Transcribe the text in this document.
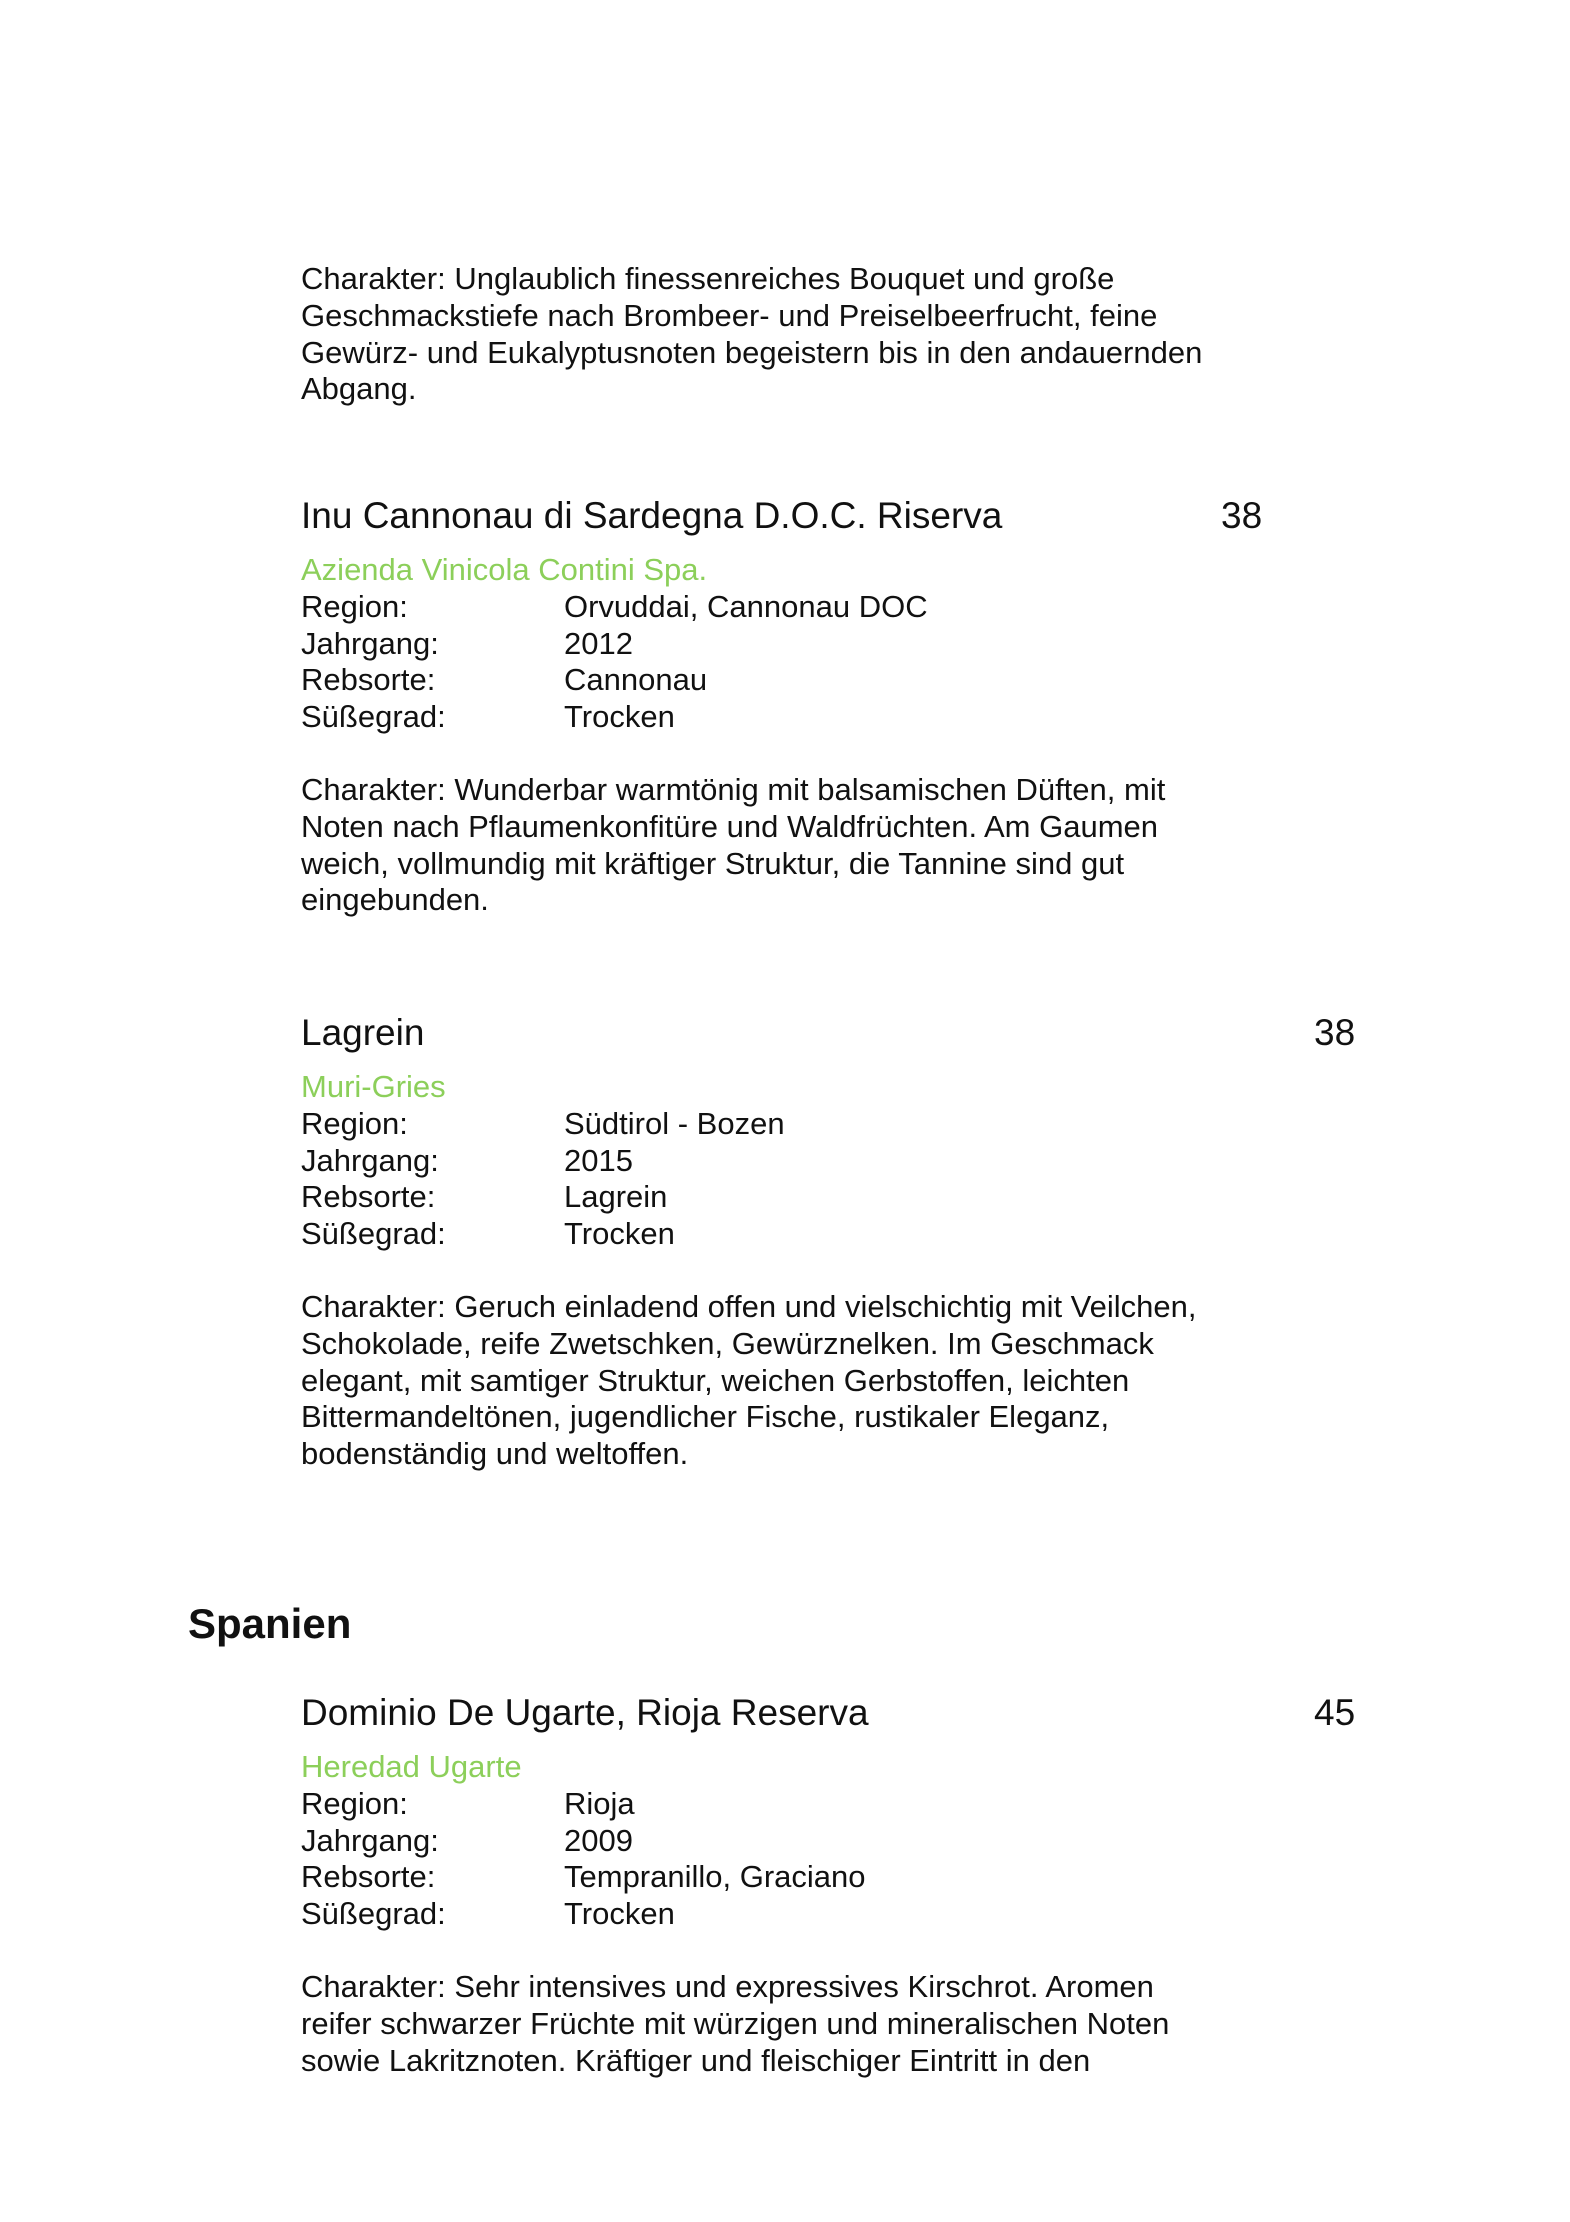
Charakter: Unglaublich finessenreiches Bouquet und große
Geschmackstiefe nach Brombeer- und Preiselbeerfrucht, feine
Gewürz- und Eukalyptusnoten begeistern bis in den andauernden
Abgang.
Inu Cannonau di Sardegna D.O.C. Riserva	38
Azienda Vinicola Contini Spa.
Region:	Orvuddai, Cannonau DOC
Jahrgang:	2012
Rebsorte:	Cannonau
Süßegrad:	Trocken
Charakter: Wunderbar warmtönig mit balsamischen Düften, mit
Noten nach Pflaumenkonfitüre und Waldfrüchten. Am Gaumen
weich, vollmundig mit kräftiger Struktur, die Tannine sind gut
eingebunden.
Lagrein	38
Muri-Gries
Region:	Südtirol - Bozen
Jahrgang:	2015
Rebsorte:	Lagrein
Süßegrad:	Trocken
Charakter: Geruch einladend offen und vielschichtig mit Veilchen,
Schokolade, reife Zwetschken, Gewürznelken. Im Geschmack
elegant, mit samtiger Struktur, weichen Gerbstoffen, leichten
Bittermandeltönen, jugendlicher Fische, rustikaler Eleganz,
bodenständig und weltoffen.
Spanien
Dominio De Ugarte, Rioja Reserva	45
Heredad Ugarte
Region:	Rioja
Jahrgang:	2009
Rebsorte:	Tempranillo, Graciano
Süßegrad:	Trocken
Charakter: Sehr intensives und expressives Kirschrot. Aromen
reifer schwarzer Früchte mit würzigen und mineralischen Noten
sowie Lakritznoten. Kräftiger und fleischiger Eintritt in den
